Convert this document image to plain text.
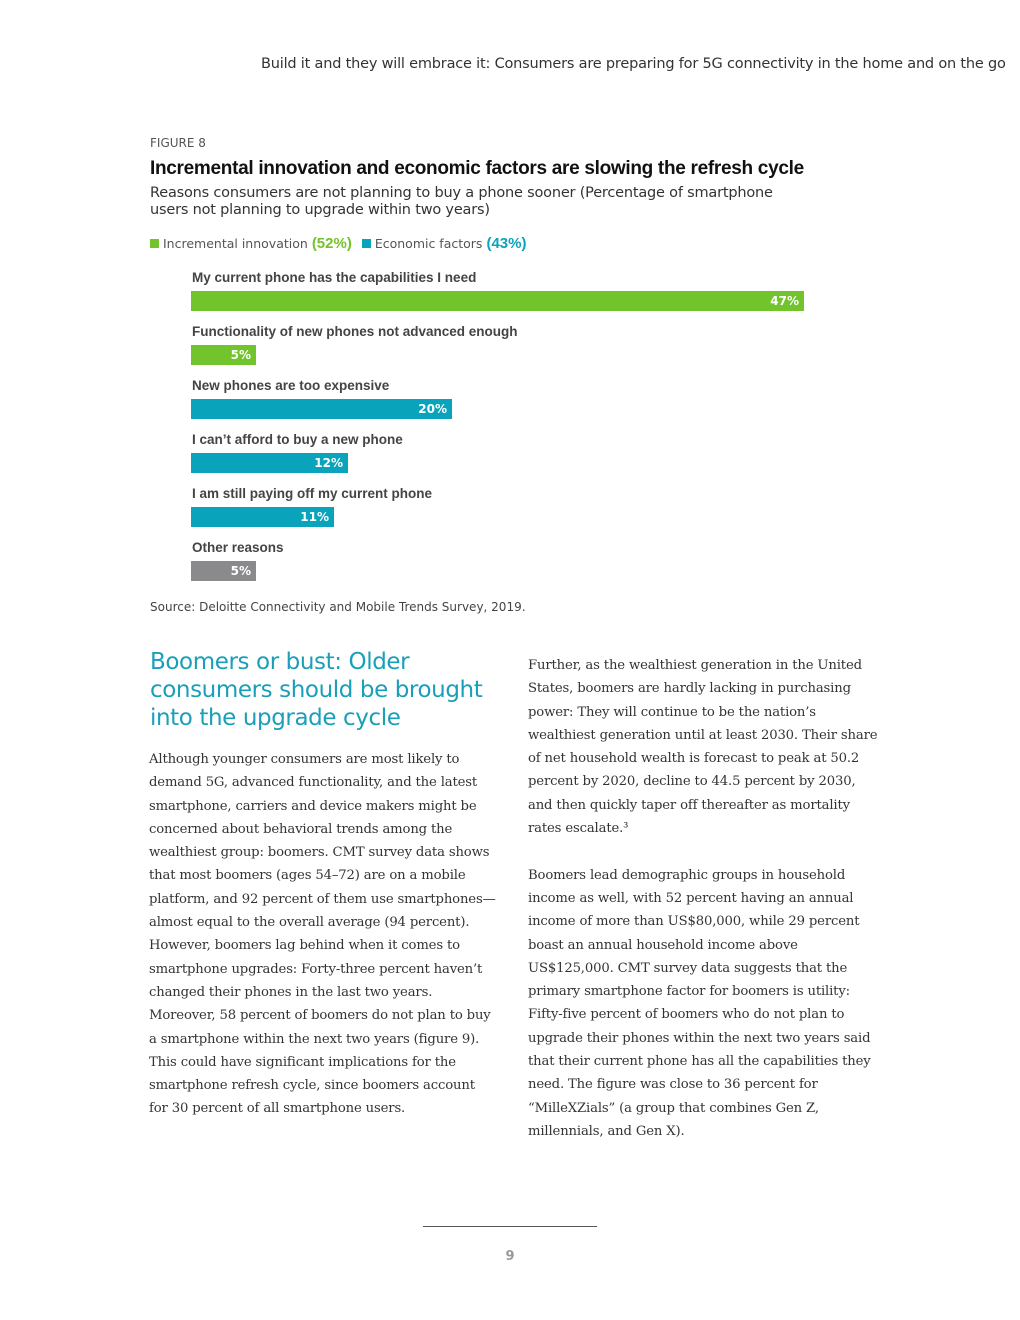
Build it and they will embrace it: Consumers are preparing for 5G connectivity in the home and on the go
FIGURE 8
Incremental innovation and economic factors are slowing the refresh cycle
Reasons consumers are not planning to buy a phone sooner (Percentage of smartphone users not planning to upgrade within two years)
Incremental innovation (52%) Economic factors (43%)
My current phone has the capabilities I need
47%
Functionality of new phones not advanced enough
5%
New phones are too expensive
20%
I can’t afford to buy a new phone
12%
I am still paying off my current phone
11%
Other reasons
5%
Source: Deloitte Connectivity and Mobile Trends Survey, 2019.
Boomers or bust: Older consumers should be brought into the upgrade cycle

Although younger consumers are most likely to demand 5G, advanced functionality, and the latest smartphone, carriers and device makers might be concerned about behavioral trends among the wealthiest group: boomers. CMT survey data shows that most boomers (ages 54–72) are on a mobile platform, and 92 percent of them use smartphones—almost equal to the overall average (94 percent). However, boomers lag behind when it comes to smartphone upgrades: Forty-three percent haven’t changed their phones in the last two years. Moreover, 58 percent of boomers do not plan to buy a smartphone within the next two years (figure 9). This could have significant implications for the smartphone refresh cycle, since boomers account for 30 percent of all smartphone users.

Further, as the wealthiest generation in the United States, boomers are hardly lacking in purchasing power: They will continue to be the nation’s wealthiest generation until at least 2030. Their share of net household wealth is forecast to peak at 50.2 percent by 2020, decline to 44.5 percent by 2030, and then quickly taper off thereafter as mortality rates escalate.³

Boomers lead demographic groups in household income as well, with 52 percent having an annual income of more than US$80,000, while 29 percent boast an annual household income above US$125,000. CMT survey data suggests that the primary smartphone factor for boomers is utility: Fifty-five percent of boomers who do not plan to upgrade their phones within the next two years said that their current phone has all the capabilities they need. The figure was close to 36 percent for “MilleXZials” (a group that combines Gen Z, millennials, and Gen X).

9
